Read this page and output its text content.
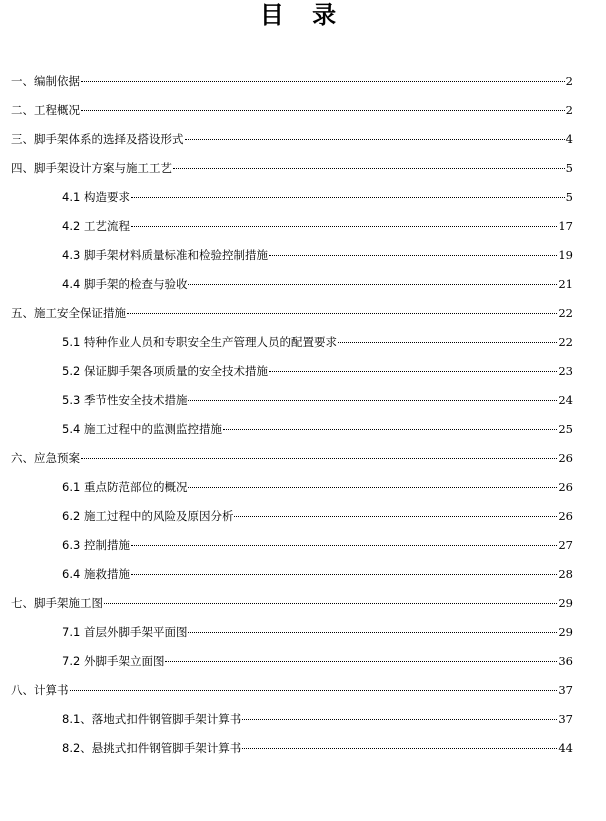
目 录
一、编制依据	2
二、工程概况	2
三、脚手架体系的选择及搭设形式	4
四、脚手架设计方案与施工工艺	5
4.1 构造要求	5
4.2 工艺流程	17
4.3 脚手架材料质量标准和检验控制措施	19
4.4 脚手架的检查与验收	21
五、施工安全保证措施	22
5.1 特种作业人员和专职安全生产管理人员的配置要求	22
5.2 保证脚手架各项质量的安全技术措施	23
5.3 季节性安全技术措施	24
5.4 施工过程中的监测监控措施	25
六、应急预案	26
6.1 重点防范部位的概况	26
6.2 施工过程中的风险及原因分析	26
6.3 控制措施	27
6.4 施救措施	28
七、脚手架施工图	29
7.1 首层外脚手架平面图	29
7.2 外脚手架立面图	36
八、计算书	37
8.1、落地式扣件钢管脚手架计算书	37
8.2、悬挑式扣件钢管脚手架计算书	44
